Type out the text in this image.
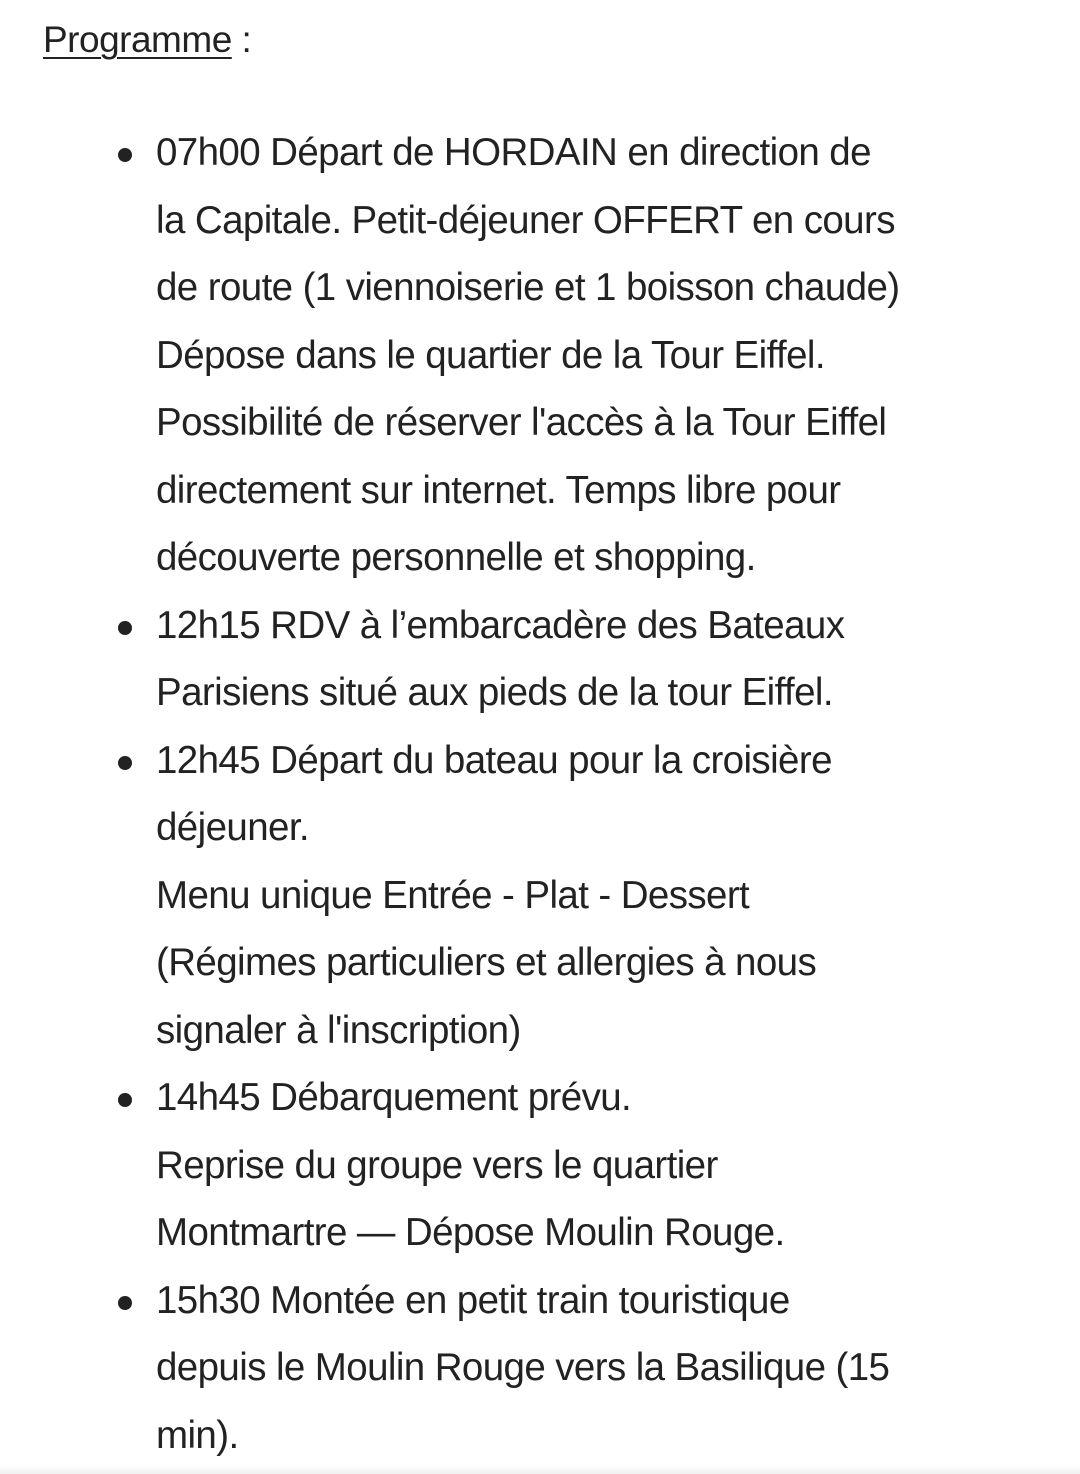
Programme :
07h00 Départ de HORDAIN en direction de
la Capitale. Petit-déjeuner OFFERT en cours
de route (1 viennoiserie et 1 boisson chaude)
Dépose dans le quartier de la Tour Eiffel.
Possibilité de réserver l'accès à la Tour Eiffel
directement sur internet. Temps libre pour
découverte personnelle et shopping.
12h15 RDV à l’embarcadère des Bateaux
Parisiens situé aux pieds de la tour Eiffel.
12h45 Départ du bateau pour la croisière
déjeuner.
Menu unique Entrée - Plat - Dessert
(Régimes particuliers et allergies à nous
signaler à l'inscription)
14h45 Débarquement prévu.
Reprise du groupe vers le quartier
Montmartre — Dépose Moulin Rouge.
15h30 Montée en petit train touristique
depuis le Moulin Rouge vers la Basilique (15
min).
